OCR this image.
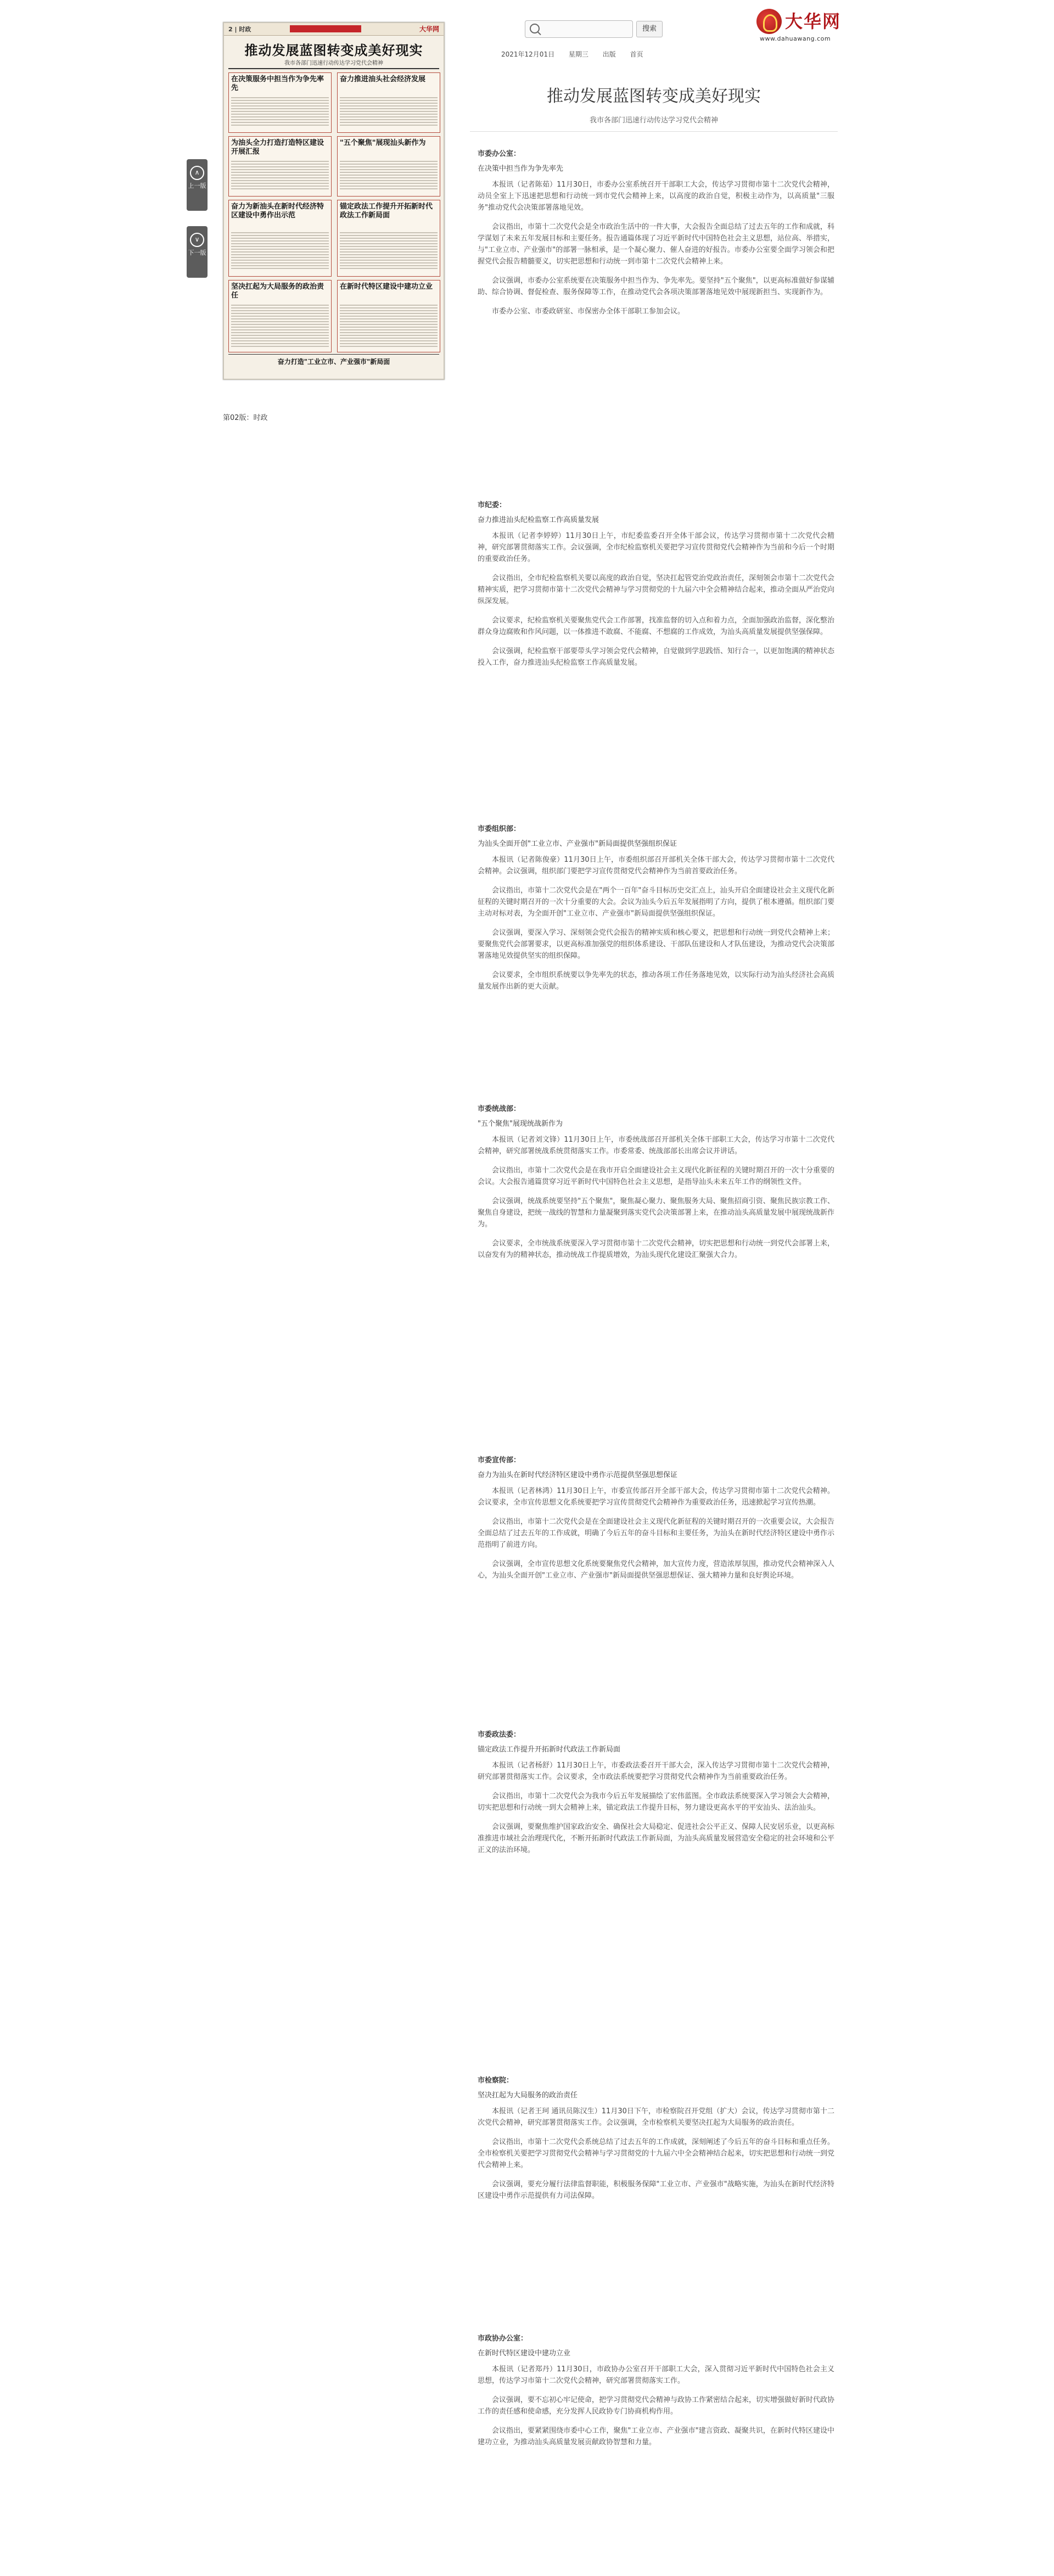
搜索
2021年12月01日 星期三 出版 首页
大华网
www.dahuawang.com
∧
上一版
∨
下一版
2 | 时政	大华网
推动发展蓝图转变成美好现实
我市各部门迅速行动传达学习党代会精神
在决策服务中担当作为争先率先
奋力推进油头社会经济发展
为油头全力打造打造特区建设开展汇报
"五个聚焦"展现汕头新作为
奋力为新油头在新时代经济特区建设中勇作出示范
锚定政法工作提升开拓新时代政法工作新局面
坚决扛起为大局服务的政治责任
在新时代特区建设中建功立业
奋力打造"工业立市、产业强市"新局面
第02版：时政
推动发展蓝图转变成美好现实
我市各部门迅速行动传达学习党代会精神
市委办公室：
在决策中担当作为争先率先

本报讯（记者陈茹）11月30日，市委办公室系统召开干部职工大会，传达学习贯彻市第十二次党代会精神，动员全室上下迅速把思想和行动统一到市党代会精神上来，以高度的政治自觉，积极主动作为，以高质量"三服务"推动党代会决策部署落地见效。

会议指出，市第十二次党代会是全市政治生活中的一件大事，大会报告全面总结了过去五年的工作和成就，科学谋划了未来五年发展目标和主要任务。报告通篇体现了习近平新时代中国特色社会主义思想，站位高、举措实，与"工业立市、产业强市"的部署一脉相承，是一个凝心聚力、催人奋进的好报告。市委办公室要全面学习领会和把握党代会报告精髓要义，切实把思想和行动统一到市第十二次党代会精神上来。

会议强调，市委办公室系统要在决策服务中担当作为、争先率先。要坚持"五个聚焦"，以更高标准做好参谋辅助、综合协调、督促检查、服务保障等工作，在推动党代会各项决策部署落地见效中展现新担当、实现新作为。

市委办公室、市委政研室、市保密办全体干部职工参加会议。

市纪委：
奋力推进汕头纪检监察工作高质量发展

本报讯（记者李婷婷）11月30日上午，市纪委监委召开全体干部会议，传达学习贯彻市第十二次党代会精神，研究部署贯彻落实工作。会议强调，全市纪检监察机关要把学习宣传贯彻党代会精神作为当前和今后一个时期的重要政治任务。

会议指出，全市纪检监察机关要以高度的政治自觉，坚决扛起管党治党政治责任，深刻领会市第十二次党代会精神实质，把学习贯彻市第十二次党代会精神与学习贯彻党的十九届六中全会精神结合起来，推动全面从严治党向纵深发展。

会议要求，纪检监察机关要聚焦党代会工作部署，找准监督的切入点和着力点，全面加强政治监督，深化整治群众身边腐败和作风问题，以一体推进不敢腐、不能腐、不想腐的工作成效，为汕头高质量发展提供坚强保障。

会议强调，纪检监察干部要带头学习领会党代会精神，自觉做到学思践悟、知行合一，以更加饱满的精神状态投入工作，奋力推进汕头纪检监察工作高质量发展。

市委组织部：
为汕头全面开创"工业立市、产业强市"新局面提供坚强组织保证

本报讯（记者陈俊豪）11月30日上午，市委组织部召开部机关全体干部大会，传达学习贯彻市第十二次党代会精神。会议强调，组织部门要把学习宣传贯彻党代会精神作为当前首要政治任务。

会议指出，市第十二次党代会是在"两个一百年"奋斗目标历史交汇点上，汕头开启全面建设社会主义现代化新征程的关键时期召开的一次十分重要的大会。会议为汕头今后五年发展指明了方向，提供了根本遵循。组织部门要主动对标对表，为全面开创"工业立市、产业强市"新局面提供坚强组织保证。

会议强调，要深入学习、深刻领会党代会报告的精神实质和核心要义，把思想和行动统一到党代会精神上来；要聚焦党代会部署要求，以更高标准加强党的组织体系建设、干部队伍建设和人才队伍建设，为推动党代会决策部署落地见效提供坚实的组织保障。

会议要求，全市组织系统要以争先率先的状态，推动各项工作任务落地见效，以实际行动为汕头经济社会高质量发展作出新的更大贡献。

市委统战部：
"五个聚焦"展现统战新作为

本报讯（记者刘文锋）11月30日上午，市委统战部召开部机关全体干部职工大会，传达学习市第十二次党代会精神，研究部署统战系统贯彻落实工作。市委常委、统战部部长出席会议并讲话。

会议指出，市第十二次党代会是在我市开启全面建设社会主义现代化新征程的关键时期召开的一次十分重要的会议。大会报告通篇贯穿习近平新时代中国特色社会主义思想，是指导汕头未来五年工作的纲领性文件。

会议强调，统战系统要坚持"五个聚焦"，聚焦凝心聚力、聚焦服务大局、聚焦招商引资、聚焦民族宗教工作、聚焦自身建设，把统一战线的智慧和力量凝聚到落实党代会决策部署上来，在推动汕头高质量发展中展现统战新作为。

会议要求，全市统战系统要深入学习贯彻市第十二次党代会精神，切实把思想和行动统一到党代会部署上来，以奋发有为的精神状态，推动统战工作提质增效，为汕头现代化建设汇聚强大合力。

市委宣传部：
奋力为汕头在新时代经济特区建设中勇作示范提供坚强思想保证

本报讯（记者林鸿）11月30日上午，市委宣传部召开全部干部大会，传达学习贯彻市第十二次党代会精神。会议要求，全市宣传思想文化系统要把学习宣传贯彻党代会精神作为重要政治任务，迅速掀起学习宣传热潮。

会议指出，市第十二次党代会是在全面建设社会主义现代化新征程的关键时期召开的一次重要会议，大会报告全面总结了过去五年的工作成就，明确了今后五年的奋斗目标和主要任务，为汕头在新时代经济特区建设中勇作示范指明了前进方向。

会议强调，全市宣传思想文化系统要聚焦党代会精神，加大宣传力度，营造浓厚氛围，推动党代会精神深入人心，为汕头全面开创"工业立市、产业强市"新局面提供坚强思想保证、强大精神力量和良好舆论环境。

市委政法委：
锚定政法工作提升开拓新时代政法工作新局面

本报讯（记者杨舒）11月30日上午，市委政法委召开干部大会，深入传达学习贯彻市第十二次党代会精神，研究部署贯彻落实工作。会议要求，全市政法系统要把学习贯彻党代会精神作为当前重要政治任务。

会议指出，市第十二次党代会为我市今后五年发展描绘了宏伟蓝图。全市政法系统要深入学习领会大会精神，切实把思想和行动统一到大会精神上来，锚定政法工作提升目标，努力建设更高水平的平安汕头、法治汕头。

会议强调，要聚焦维护国家政治安全、确保社会大局稳定、促进社会公平正义、保障人民安居乐业，以更高标准推进市域社会治理现代化，不断开拓新时代政法工作新局面，为汕头高质量发展营造安全稳定的社会环境和公平正义的法治环境。

市检察院：
坚决扛起为大局服务的政治责任

本报讯（记者王珂 通讯员陈汉生）11月30日下午，市检察院召开党组（扩大）会议，传达学习贯彻市第十二次党代会精神，研究部署贯彻落实工作。会议强调，全市检察机关要坚决扛起为大局服务的政治责任。

会议指出，市第十二次党代会系统总结了过去五年的工作成就，深刻阐述了今后五年的奋斗目标和重点任务。全市检察机关要把学习贯彻党代会精神与学习贯彻党的十九届六中全会精神结合起来，切实把思想和行动统一到党代会精神上来。

会议强调，要充分履行法律监督职能，积极服务保障"工业立市、产业强市"战略实施，为汕头在新时代经济特区建设中勇作示范提供有力司法保障。

市政协办公室：
在新时代特区建设中建功立业

本报讯（记者郑丹）11月30日，市政协办公室召开干部职工大会，深入贯彻习近平新时代中国特色社会主义思想，传达学习市第十二次党代会精神，研究部署贯彻落实工作。

会议强调，要不忘初心牢记使命，把学习贯彻党代会精神与政协工作紧密结合起来，切实增强做好新时代政协工作的责任感和使命感，充分发挥人民政协专门协商机构作用。

会议指出，要紧紧围绕市委中心工作，聚焦"工业立市、产业强市"建言资政、凝聚共识，在新时代特区建设中建功立业，为推动汕头高质量发展贡献政协智慧和力量。
